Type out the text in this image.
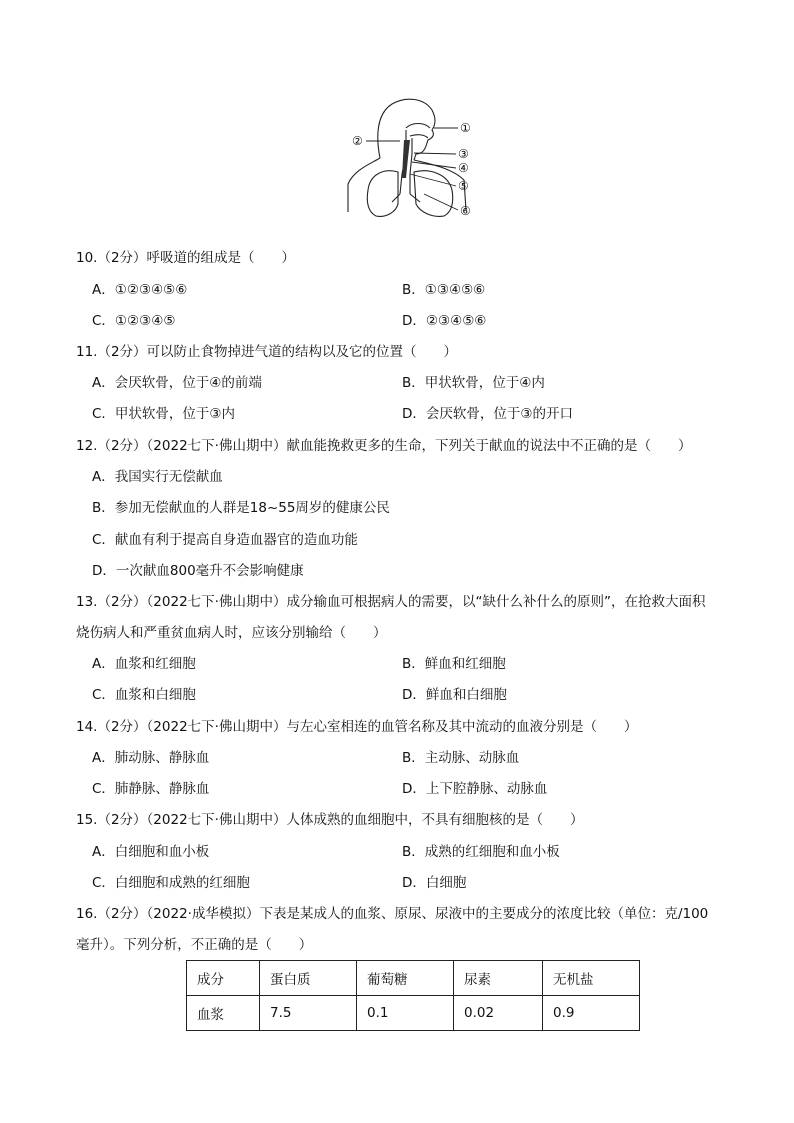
①
②
③
④
⑤
⑥
10.（2分）呼吸道的组成是（　　）
A．①②③④⑤⑥	B．①③④⑤⑥
C．①②③④⑤	D．②③④⑤⑥
11.（2分）可以防止食物掉进气道的结构以及它的位置（　　）
A．会厌软骨，位于④的前端	B．甲状软骨，位于④内
C．甲状软骨，位于③内	D．会厌软骨，位于③的开口
12.（2分）（2022七下·佛山期中）献血能挽救更多的生命，下列关于献血的说法中不正确的是（　　）
A．我国实行无偿献血
B．参加无偿献血的人群是18~55周岁的健康公民
C．献血有利于提高自身造血器官的造血功能
D．一次献血800毫升不会影响健康
13.（2分）（2022七下·佛山期中）成分输血可根据病人的需要，以“缺什么补什么的原则”，在抢救大面积
烧伤病人和严重贫血病人时，应该分别输给（　　）
A．血浆和红细胞	B．鲜血和红细胞
C．血浆和白细胞	D．鲜血和白细胞
14.（2分）（2022七下·佛山期中）与左心室相连的血管名称及其中流动的血液分别是（　　）
A．肺动脉、静脉血	B．主动脉、动脉血
C．肺静脉、静脉血	D．上下腔静脉、动脉血
15.（2分）（2022七下·佛山期中）人体成熟的血细胞中，不具有细胞核的是（　　）
A．白细胞和血小板	B．成熟的红细胞和血小板
C．白细胞和成熟的红细胞	D．白细胞
16.（2分）（2022·成华模拟）下表是某成人的血浆、原尿、尿液中的主要成分的浓度比较（单位：克/100
毫升）。下列分析，不正确的是（　　）
成分	蛋白质	葡萄糖	尿素	无机盐
血浆	7.5	0.1	0.02	0.9
